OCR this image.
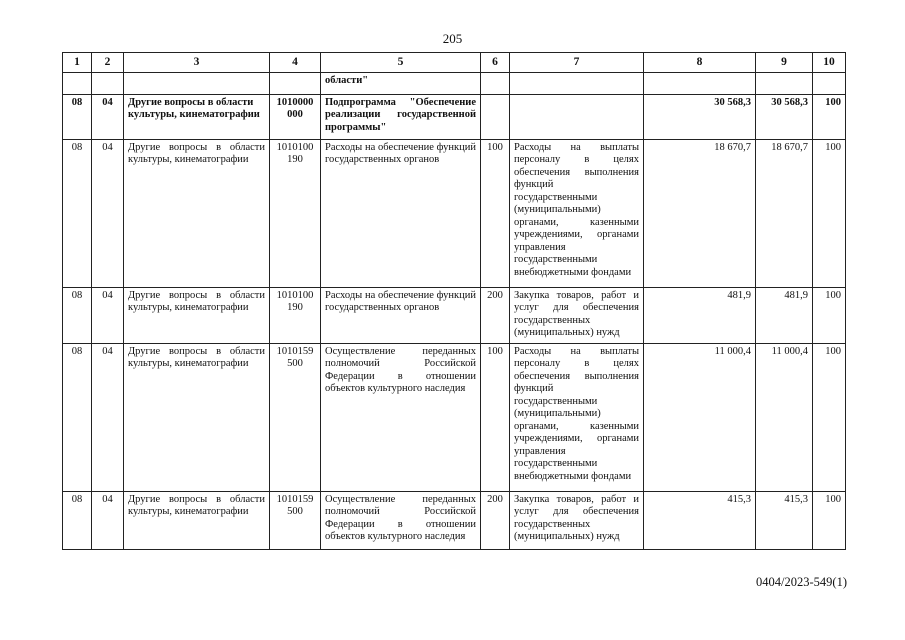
205
1	2	3	4	5	6	7	8	9	10
				области"					
08	04	Другие вопросы в области культуры, кинематографии	1010000 000	Подпрограмма "Обеспечение реализации государственной программы"			30 568,3	30 568,3	100
08	04	Другие вопросы в области культуры, кинематографии	1010100 190	Расходы на обеспечение функций государственных органов	100	Расходы на выплаты персоналу в целях обеспечения выполнения функций
государственными (муниципальными) органами, казенными учреждениями, органами управления
государственными внебюджетными фондами	18 670,7	18 670,7	100
08	04	Другие вопросы в области культуры, кинематографии	1010100 190	Расходы на обеспечение функций государственных органов	200	Закупка товаров, работ и услуг для обеспечения государственных (муниципальных) нужд	481,9	481,9	100
08	04	Другие вопросы в области культуры, кинематографии	1010159 500	Осуществление переданных полномочий Российской Федерации в отношении объектов культурного наследия	100	Расходы на выплаты персоналу в целях обеспечения выполнения функций
государственными (муниципальными) органами, казенными учреждениями, органами управления
государственными внебюджетными фондами	11 000,4	11 000,4	100
08	04	Другие вопросы в области культуры, кинематографии	1010159 500	Осуществление переданных полномочий Российской Федерации в отношении объектов культурного наследия	200	Закупка товаров, работ и услуг для обеспечения государственных (муниципальных) нужд	415,3	415,3	100
0404/2023-549(1)
